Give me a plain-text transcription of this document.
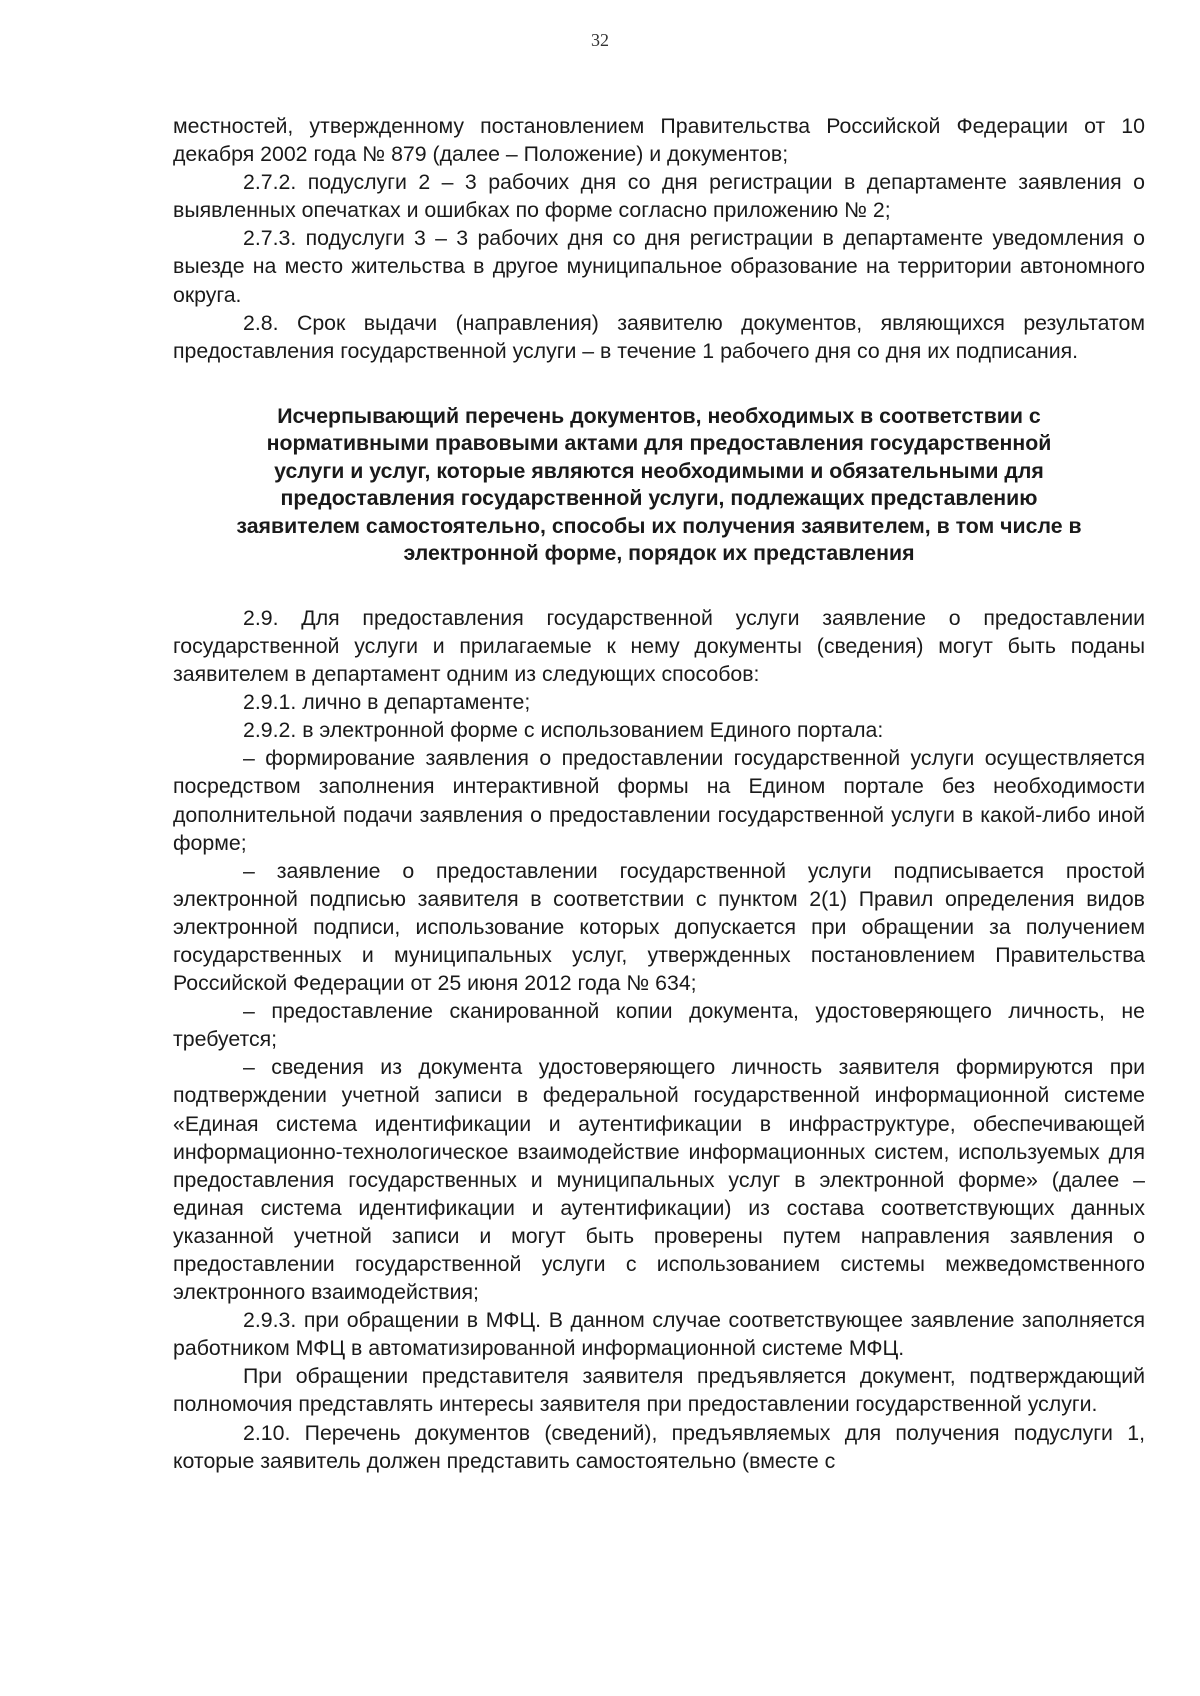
32

местностей, утвержденному постановлением Правительства Российской Федерации от 10 декабря 2002 года № 879 (далее – Положение) и документов;

2.7.2. подуслуги 2 – 3 рабочих дня со дня регистрации в департаменте заявления о выявленных опечатках и ошибках по форме согласно приложению № 2;

2.7.3. подуслуги 3 – 3 рабочих дня со дня регистрации в департаменте уведомления о выезде на место жительства в другое муниципальное образование на территории автономного округа.

2.8. Срок выдачи (направления) заявителю документов, являющихся результатом предоставления государственной услуги – в течение 1 рабочего дня со дня их подписания.

Исчерпывающий перечень документов, необходимых в соответствии с
нормативными правовыми актами для предоставления государственной
услуги и услуг, которые являются необходимыми и обязательными для
предоставления государственной услуги, подлежащих представлению
заявителем самостоятельно, способы их получения заявителем, в том числе в
электронной форме, порядок их представления

2.9. Для предоставления государственной услуги заявление о предоставлении государственной услуги и прилагаемые к нему документы (сведения) могут быть поданы заявителем в департамент одним из следующих способов:

2.9.1. лично в департаменте;

2.9.2. в электронной форме с использованием Единого портала:

– формирование заявления о предоставлении государственной услуги осуществляется посредством заполнения интерактивной формы на Едином портале без необходимости дополнительной подачи заявления о предоставлении государственной услуги в какой-либо иной форме;

– заявление о предоставлении государственной услуги подписывается простой электронной подписью заявителя в соответствии с пунктом 2(1) Правил определения видов электронной подписи, использование которых допускается при обращении за получением государственных и муниципальных услуг, утвержденных постановлением Правительства Российской Федерации от 25 июня 2012 года № 634;

– предоставление сканированной копии документа, удостоверяющего личность, не требуется;

– сведения из документа удостоверяющего личность заявителя формируются при подтверждении учетной записи в федеральной государственной информационной системе «Единая система идентификации и аутентификации в инфраструктуре, обеспечивающей информационно-технологическое взаимодействие информационных систем, используемых для предоставления государственных и муниципальных услуг в электронной форме» (далее – единая система идентификации и аутентификации) из состава соответствующих данных указанной учетной записи и могут быть проверены путем направления заявления о предоставлении государственной услуги с использованием системы межведомственного электронного взаимодействия;

2.9.3. при обращении в МФЦ. В данном случае соответствующее заявление заполняется работником МФЦ в автоматизированной информационной системе МФЦ.

При обращении представителя заявителя предъявляется документ, подтверждающий полномочия представлять интересы заявителя при предоставлении государственной услуги.

2.10. Перечень документов (сведений), предъявляемых для получения подуслуги 1, которые заявитель должен представить самостоятельно (вместе с
